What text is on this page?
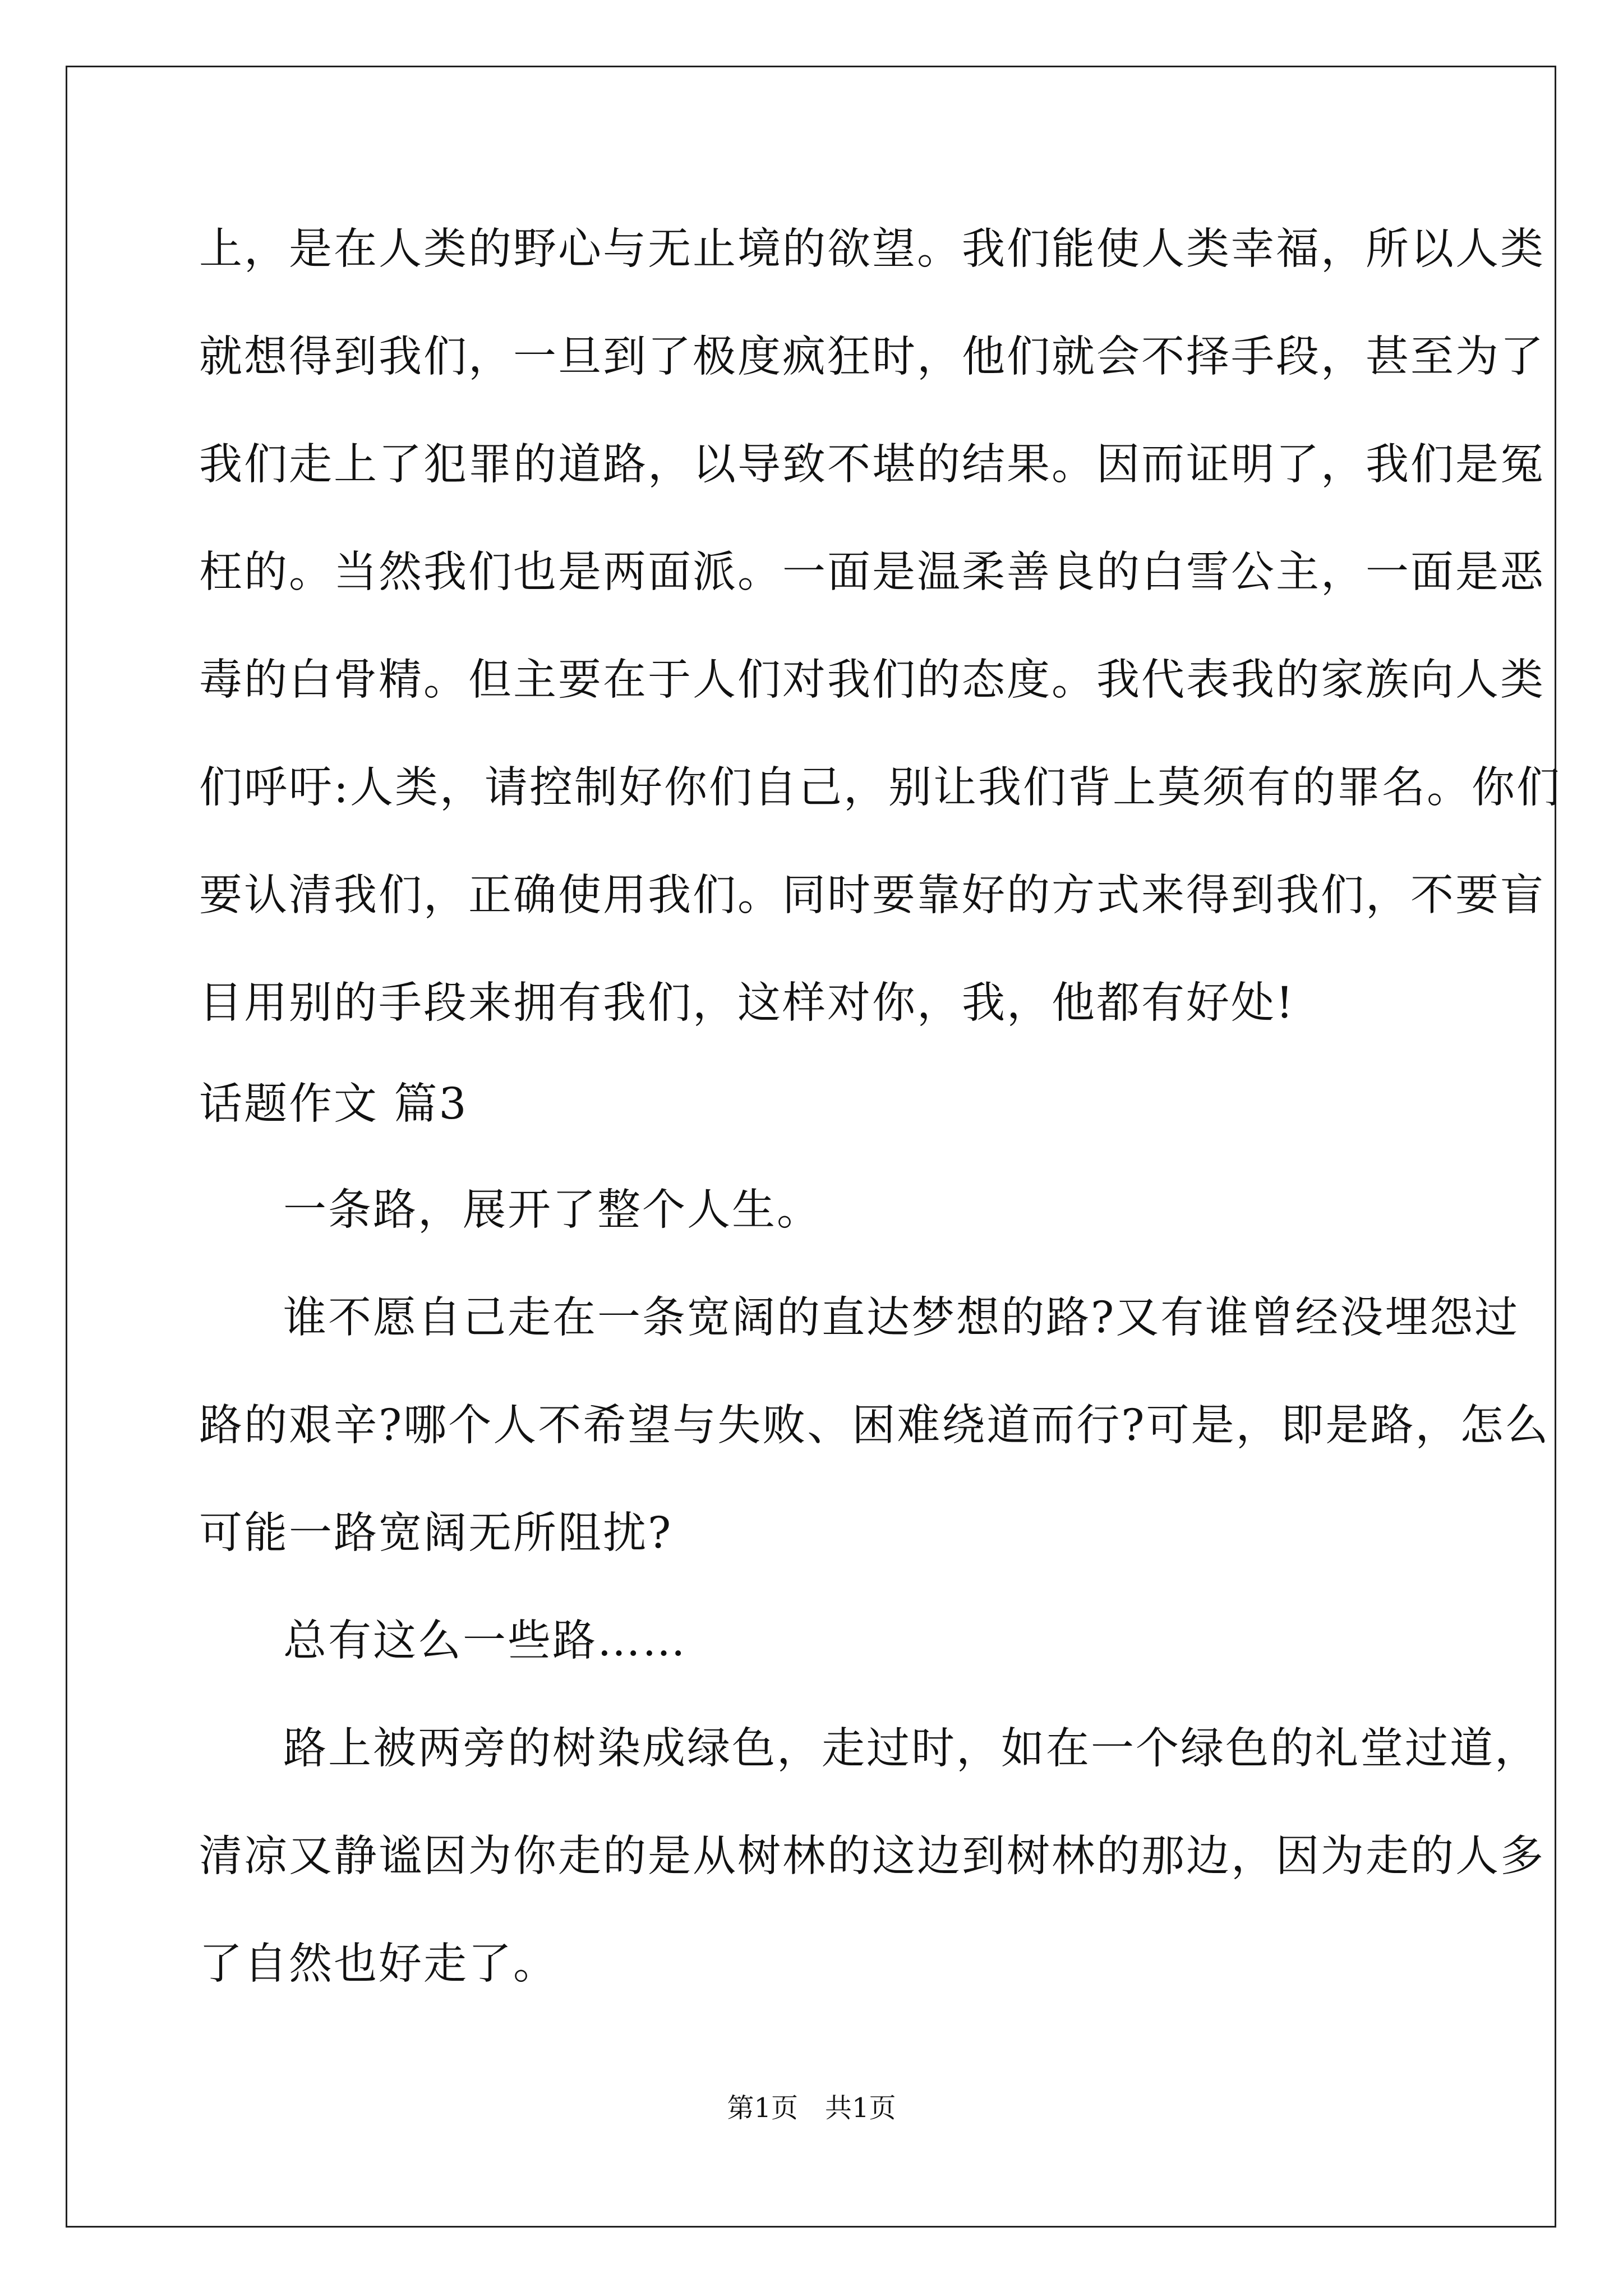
上，是在人类的野心与无止境的欲望。我们能使人类幸福，所以人类
就想得到我们，一旦到了极度疯狂时，他们就会不择手段，甚至为了
我们走上了犯罪的道路，以导致不堪的结果。因而证明了，我们是冤
枉的。当然我们也是两面派。一面是温柔善良的白雪公主，一面是恶
毒的白骨精。但主要在于人们对我们的态度。我代表我的家族向人类
们呼吁:人类，请控制好你们自己，别让我们背上莫须有的罪名。你们
要认清我们，正确使用我们。同时要靠好的方式来得到我们，不要盲
目用别的手段来拥有我们，这样对你，我，他都有好处!
话题作文 篇3
一条路，展开了整个人生。
谁不愿自己走在一条宽阔的直达梦想的路?又有谁曾经没埋怨过
路的艰辛?哪个人不希望与失败、困难绕道而行?可是，即是路，怎么
可能一路宽阔无所阻扰?
总有这么一些路……
路上被两旁的树染成绿色，走过时，如在一个绿色的礼堂过道，
清凉又静谧因为你走的是从树林的这边到树林的那边，因为走的人多
了自然也好走了。
第1页　共1页
